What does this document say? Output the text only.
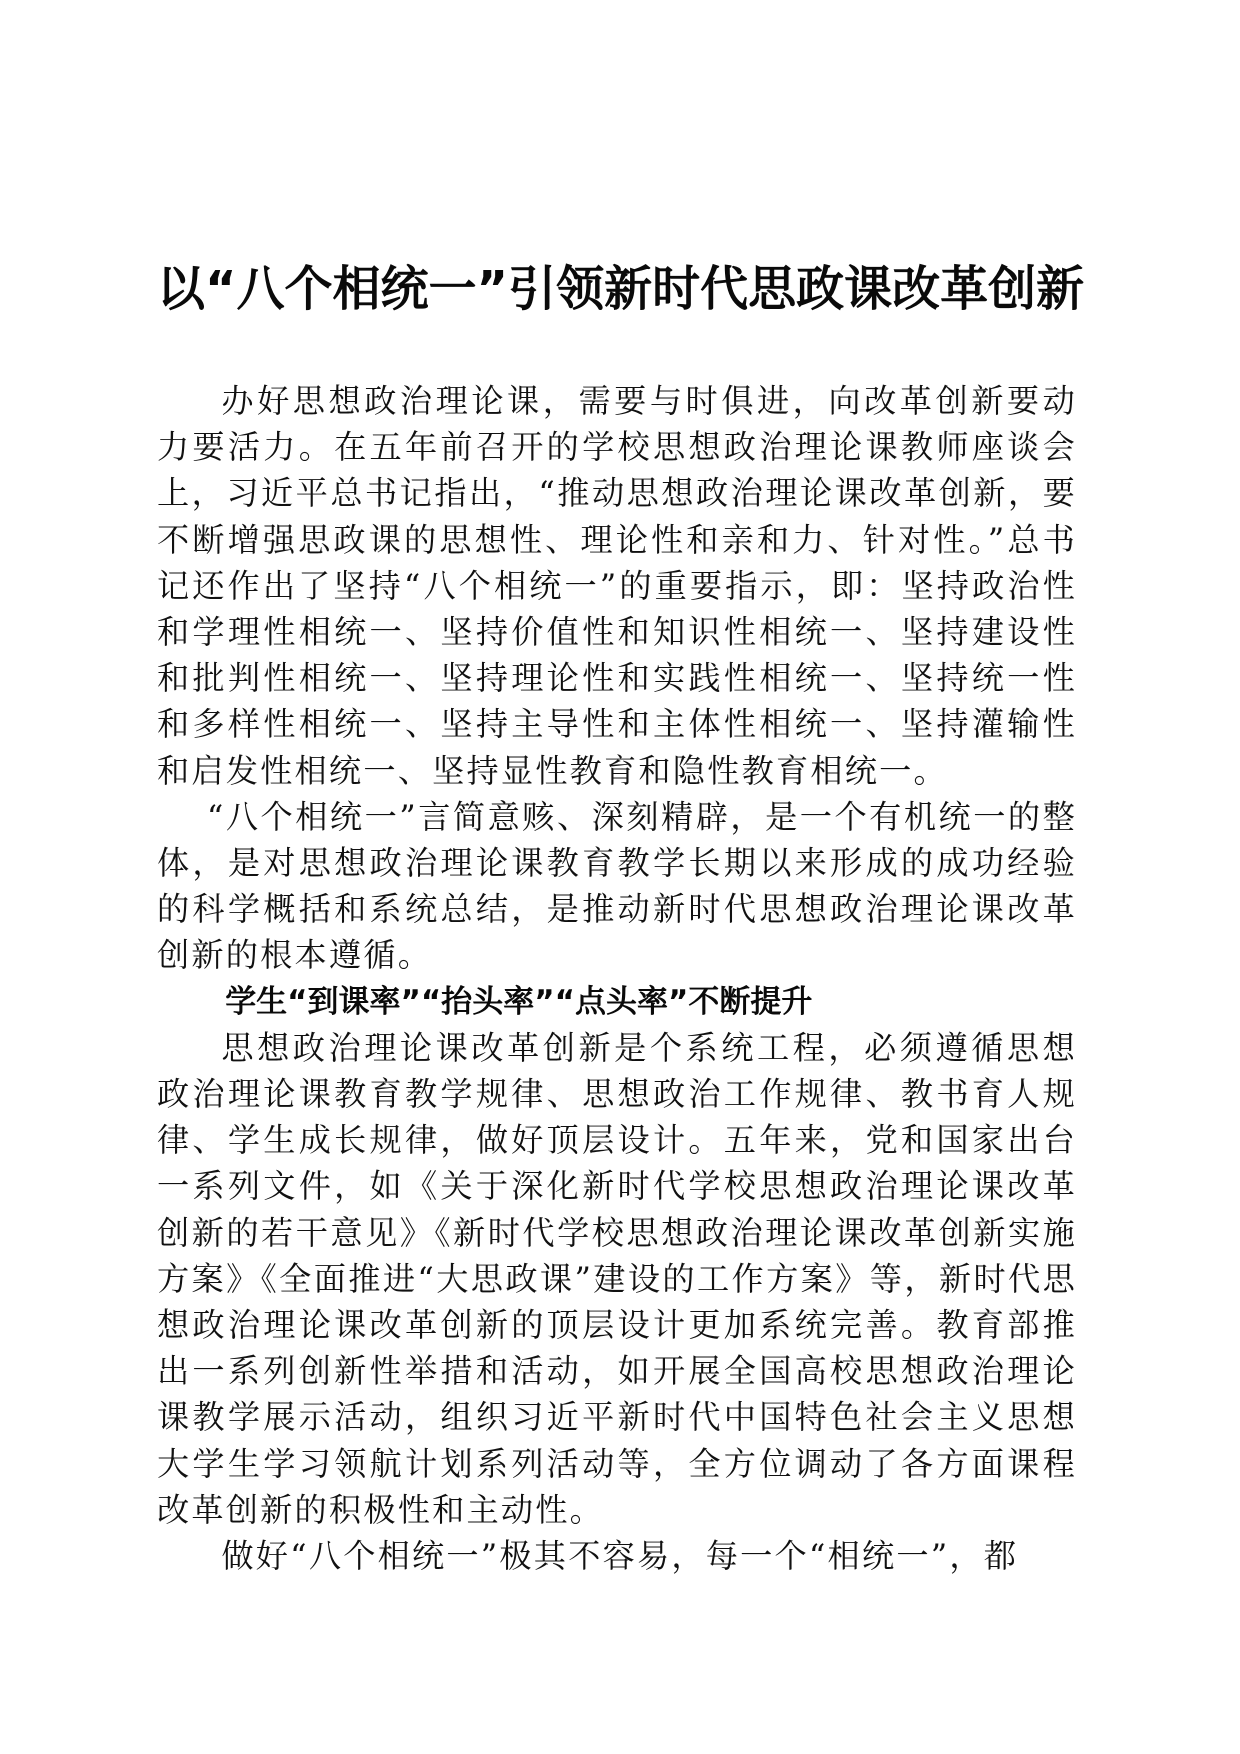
以“八个相统一”引领新时代思政课改革创新

办好思想政治理论课，需要与时俱进，向改革创新要动力要活力。在五年前召开的学校思想政治理论课教师座谈会上，习近平总书记指出，“推动思想政治理论课改革创新，要不断增强思政课的思想性、理论性和亲和力、针对性。”总书记还作出了坚持“八个相统一”的重要指示，即：坚持政治性和学理性相统一、坚持价值性和知识性相统一、坚持建设性和批判性相统一、坚持理论性和实践性相统一、坚持统一性和多样性相统一、坚持主导性和主体性相统一、坚持灌输性和启发性相统一、坚持显性教育和隐性教育相统一。

“八个相统一”言简意赅、深刻精辟，是一个有机统一的整体，是对思想政治理论课教育教学长期以来形成的成功经验的科学概括和系统总结，是推动新时代思想政治理论课改革创新的根本遵循。

学生“到课率”“抬头率”“点头率”不断提升

思想政治理论课改革创新是个系统工程，必须遵循思想政治理论课教育教学规律、思想政治工作规律、教书育人规律、学生成长规律，做好顶层设计。五年来，党和国家出台一系列文件，如《关于深化新时代学校思想政治理论课改革创新的若干意见》《新时代学校思想政治理论课改革创新实施方案》《全面推进“大思政课”建设的工作方案》等，新时代思想政治理论课改革创新的顶层设计更加系统完善。教育部推出一系列创新性举措和活动，如开展全国高校思想政治理论课教学展示活动，组织习近平新时代中国特色社会主义思想大学生学习领航计划系列活动等，全方位调动了各方面课程改革创新的积极性和主动性。

做好“八个相统一”极其不容易，每一个“相统一”，都
